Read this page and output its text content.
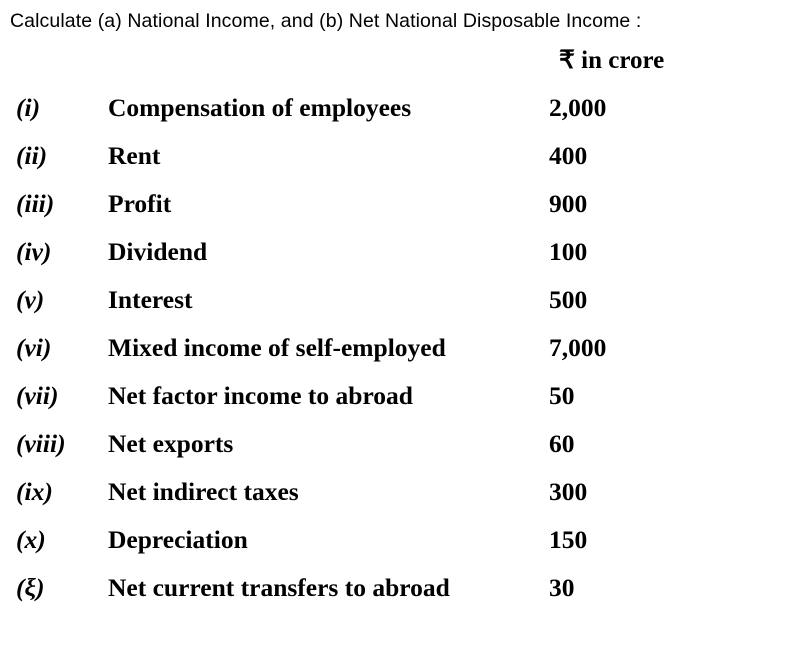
Calculate (a) National Income, and (b) Net National Disposable Income :
₹ in crore
(i)	Compensation of employees	2,000
(ii)	Rent	400
(iii)	Profit	900
(iv)	Dividend	100
(v)	Interest	500
(vi)	Mixed income of self-employed	7,000
(vii)	Net factor income to abroad	50
(viii)	Net exports	60
(ix)	Net indirect taxes	300
(x)	Depreciation	150
(ξ)	Net current transfers to abroad	30
